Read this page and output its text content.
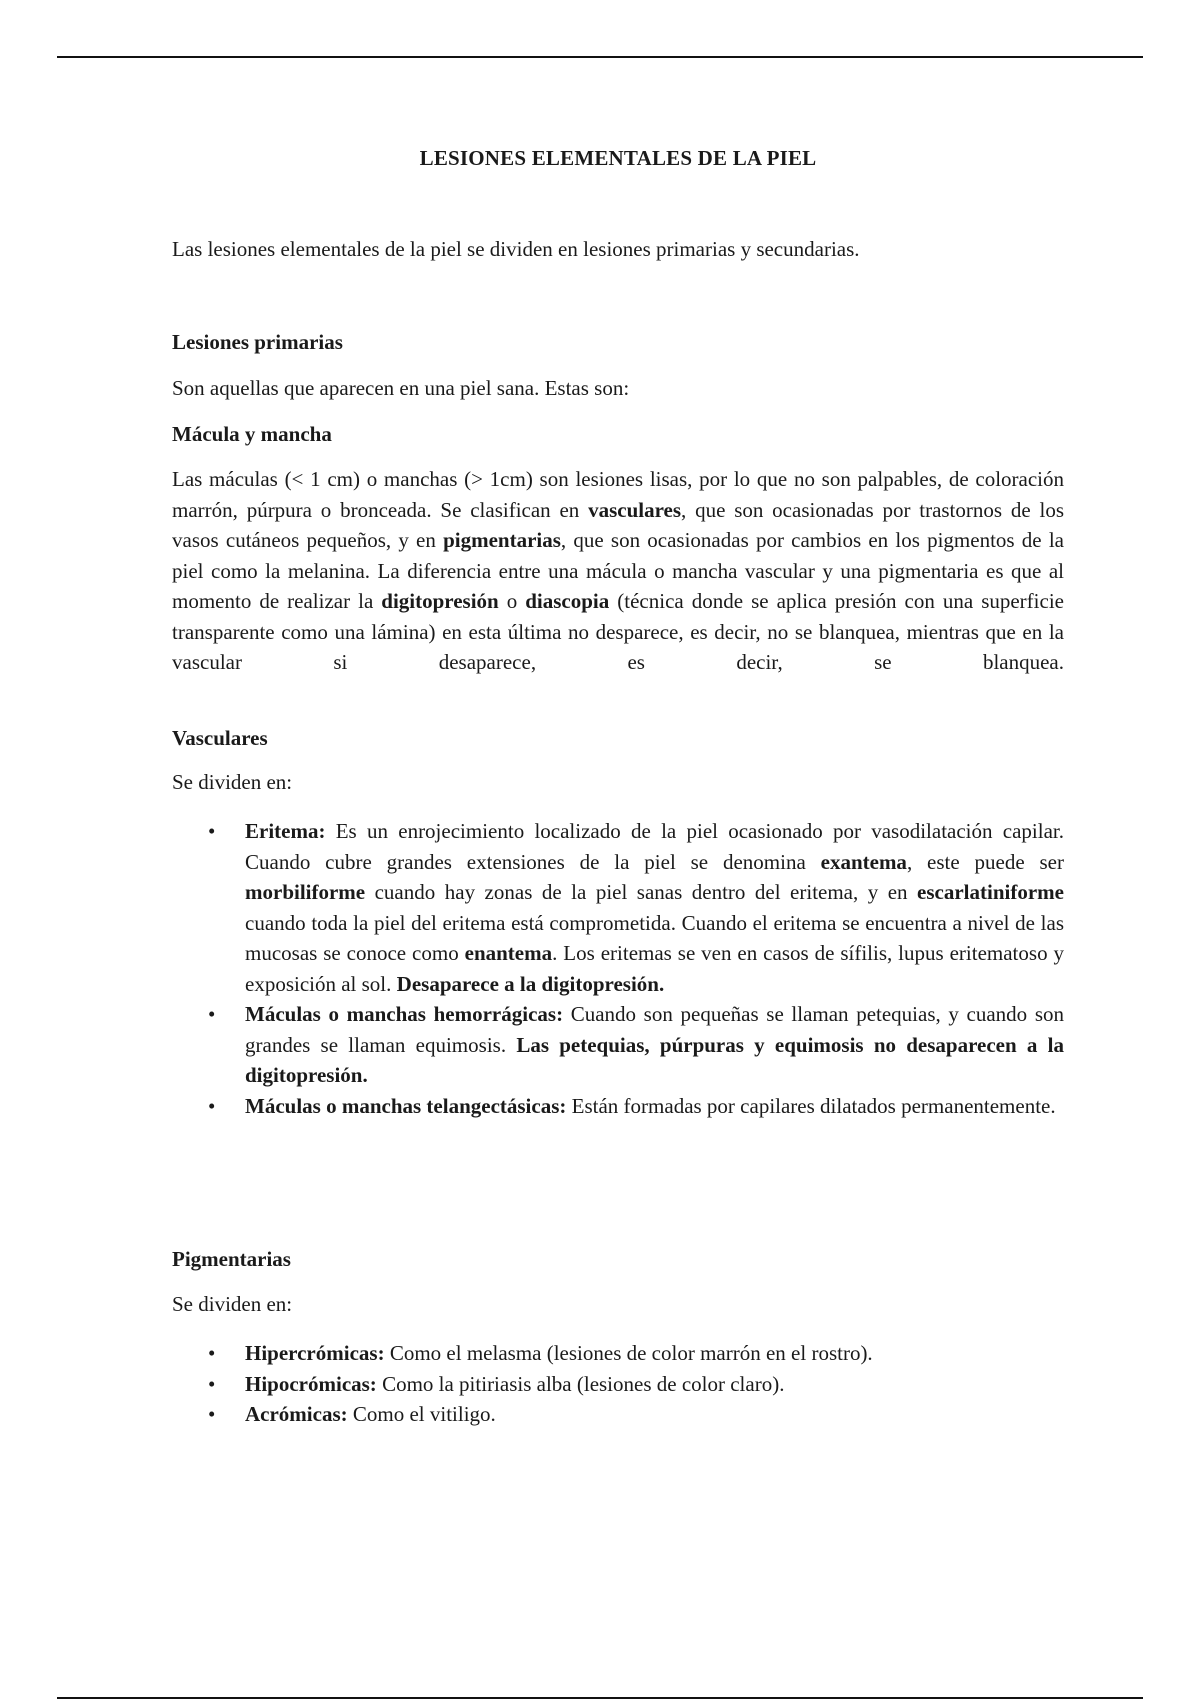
LESIONES ELEMENTALES DE LA PIEL
Las lesiones elementales de la piel se dividen en lesiones primarias y secundarias.
Lesiones primarias
Son aquellas que aparecen en una piel sana. Estas son:
Mácula y mancha
Las máculas (< 1 cm) o manchas (> 1cm) son lesiones lisas, por lo que no son palpables, de coloración marrón, púrpura o bronceada. Se clasifican en vasculares, que son ocasionadas por trastornos de los vasos cutáneos pequeños, y en pigmentarias, que son ocasionadas por cambios en los pigmentos de la piel como la melanina. La diferencia entre una mácula o mancha vascular y una pigmentaria es que al momento de realizar la digitopresión o diascopia (técnica donde se aplica presión con una superficie transparente como una lámina) en esta última no desparece, es decir, no se blanquea, mientras que en la vascular si desaparece, es decir, se blanquea.
Vasculares
Se dividen en:
• Eritema: Es un enrojecimiento localizado de la piel ocasionado por vasodilatación capilar. Cuando cubre grandes extensiones de la piel se denomina exantema, este puede ser morbiliforme cuando hay zonas de la piel sanas dentro del eritema, y en escarlatiniforme cuando toda la piel del eritema está comprometida. Cuando el eritema se encuentra a nivel de las mucosas se conoce como enantema. Los eritemas se ven en casos de sífilis, lupus eritematoso y exposición al sol. Desaparece a la digitopresión.
• Máculas o manchas hemorrágicas: Cuando son pequeñas se llaman petequias, y cuando son grandes se llaman equimosis. Las petequias, púrpuras y equimosis no desaparecen a la digitopresión.
• Máculas o manchas telangectásicas: Están formadas por capilares dilatados permanentemente.
Pigmentarias
Se dividen en:
• Hipercrómicas: Como el melasma (lesiones de color marrón en el rostro).
• Hipocrómicas: Como la pitiriasis alba (lesiones de color claro).
• Acrómicas: Como el vitiligo.
